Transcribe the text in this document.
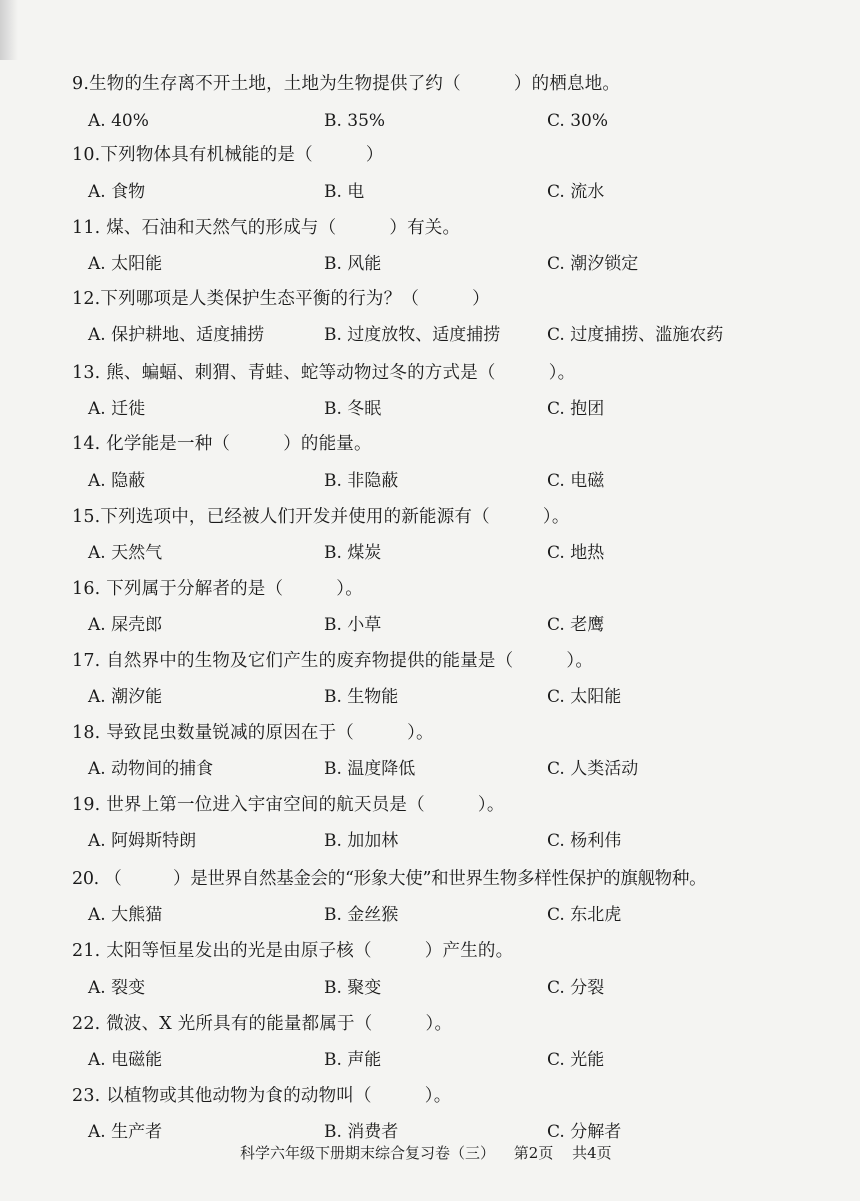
9.生物的生存离不开土地，土地为生物提供了约（　　　）的栖息地。
A. 40%	B. 35%	C. 30%
10.下列物体具有机械能的是（　　　）
A. 食物	B. 电	C. 流水
11. 煤、石油和天然气的形成与（　　　）有关。
A. 太阳能	B. 风能	C. 潮汐锁定
12.下列哪项是人类保护生态平衡的行为？（　　　）
A. 保护耕地、适度捕捞	B. 过度放牧、适度捕捞	C. 过度捕捞、滥施农药
13. 熊、蝙蝠、刺猬、青蛙、蛇等动物过冬的方式是（　　　）。
A. 迁徙	B. 冬眠	C. 抱团
14. 化学能是一种（　　　）的能量。
A. 隐蔽	B. 非隐蔽	C. 电磁
15.下列选项中，已经被人们开发并使用的新能源有（　　　）。
A. 天然气	B. 煤炭	C. 地热
16. 下列属于分解者的是（　　　）。
A. 屎壳郎	B. 小草	C. 老鹰
17. 自然界中的生物及它们产生的废弃物提供的能量是（　　　）。
A. 潮汐能	B. 生物能	C. 太阳能
18. 导致昆虫数量锐减的原因在于（　　　）。
A. 动物间的捕食	B. 温度降低	C. 人类活动
19. 世界上第一位进入宇宙空间的航天员是（　　　）。
A. 阿姆斯特朗	B. 加加林	C. 杨利伟
20. （　　　）是世界自然基金会的“形象大使”和世界生物多样性保护的旗舰物种。
A. 大熊猫	B. 金丝猴	C. 东北虎
21. 太阳等恒星发出的光是由原子核（　　　）产生的。
A. 裂变	B. 聚变	C. 分裂
22. 微波、X 光所具有的能量都属于（　　　）。
A. 电磁能	B. 声能	C. 光能
23. 以植物或其他动物为食的动物叫（　　　）。
A. 生产者	B. 消费者	C. 分解者
科学六年级下册期末综合复习卷（三） 第2页 共4页
